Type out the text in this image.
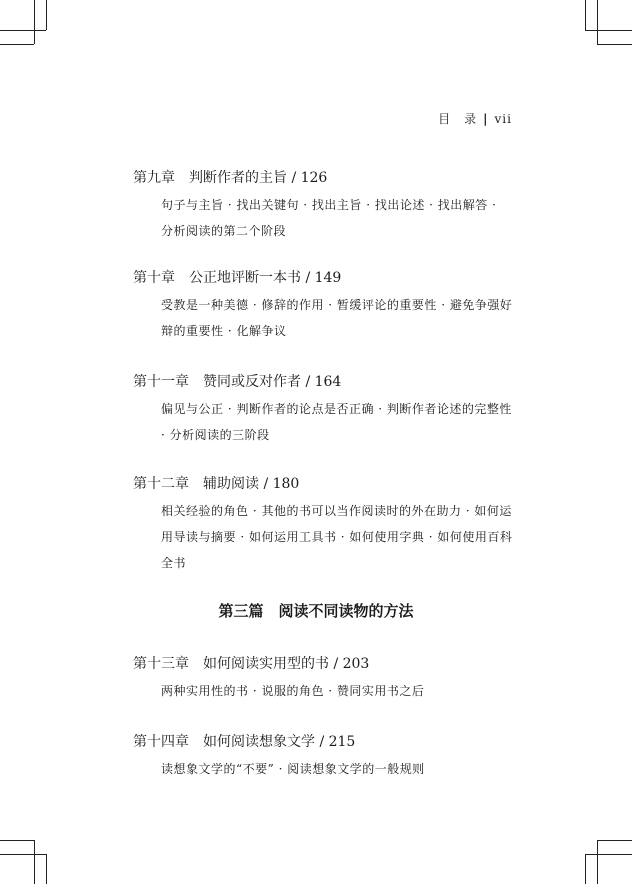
目　录 | vii

第九章　判断作者的主旨 / 126

句子与主旨 · 找出关键句 · 找出主旨 · 找出论述 · 找出解答 · 分析阅读的第二个阶段

第十章　公正地评断一本书 / 149

受教是一种美德 · 修辞的作用 · 暂缓评论的重要性 · 避免争强好辩的重要性 · 化解争议

第十一章　赞同或反对作者 / 164

偏见与公正 · 判断作者的论点是否正确 · 判断作者论述的完整性 · 分析阅读的三阶段

第十二章　辅助阅读 / 180

相关经验的角色 · 其他的书可以当作阅读时的外在助力 · 如何运用导读与摘要 · 如何运用工具书 · 如何使用字典 · 如何使用百科全书

第三篇　阅读不同读物的方法

第十三章　如何阅读实用型的书 / 203

两种实用性的书 · 说服的角色 · 赞同实用书之后

第十四章　如何阅读想象文学 / 215

读想象文学的“不要” · 阅读想象文学的一般规则
